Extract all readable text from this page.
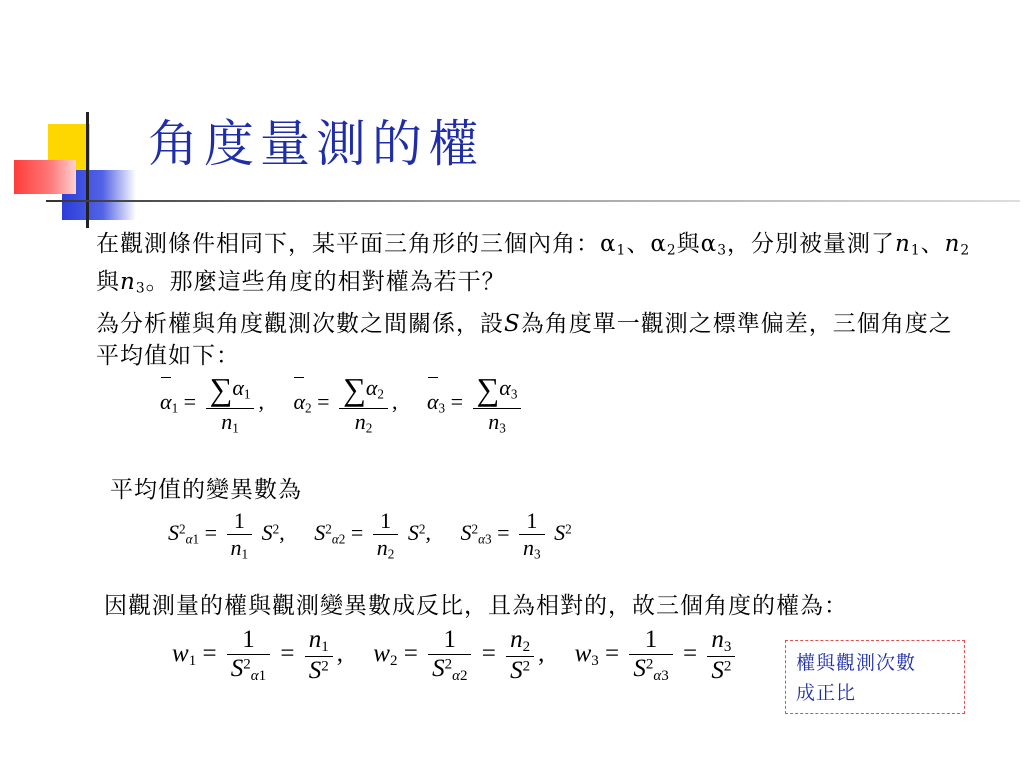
角度量測的權
在觀測條件相同下，某平面三角形的三個內角：$\alpha_1$、$\alpha_2$與$\alpha_3$，分別被量測了$n_1$、$n_2$與$n_3$。那麼這些角度的相對權為若干？
為分析權與角度觀測次數之間關係，設S為角度單一觀測之標準偏差，三個角度之平均值如下：
$\alpha_1 = \frac{\sum\alpha_1}{n_1}$ , $\alpha_2 = \frac{\sum\alpha_2}{n_2}$ , $\alpha_3 = \frac{\sum\alpha_3}{n_3}$
平均值的變異數為
$S^2_{\alpha 1} = \frac{1}{n_1} S^2$, $S^2_{\alpha 2} = \frac{1}{n_2} S^2$, $S^2_{\alpha 3} = \frac{1}{n_3} S^2$
因觀測量的權與觀測變異數成反比，且為相對的，故三個角度的權為：
$w_1 = \frac{1}{S^2_{\alpha 1}} = \frac{n_1}{S^2}$ , $w_2 = \frac{1}{S^2_{\alpha 2}} = \frac{n_2}{S^2}$ , $w_3 = \frac{1}{S^2_{\alpha 3}} = \frac{n_3}{S^2}$	權與觀測次數
成正比
